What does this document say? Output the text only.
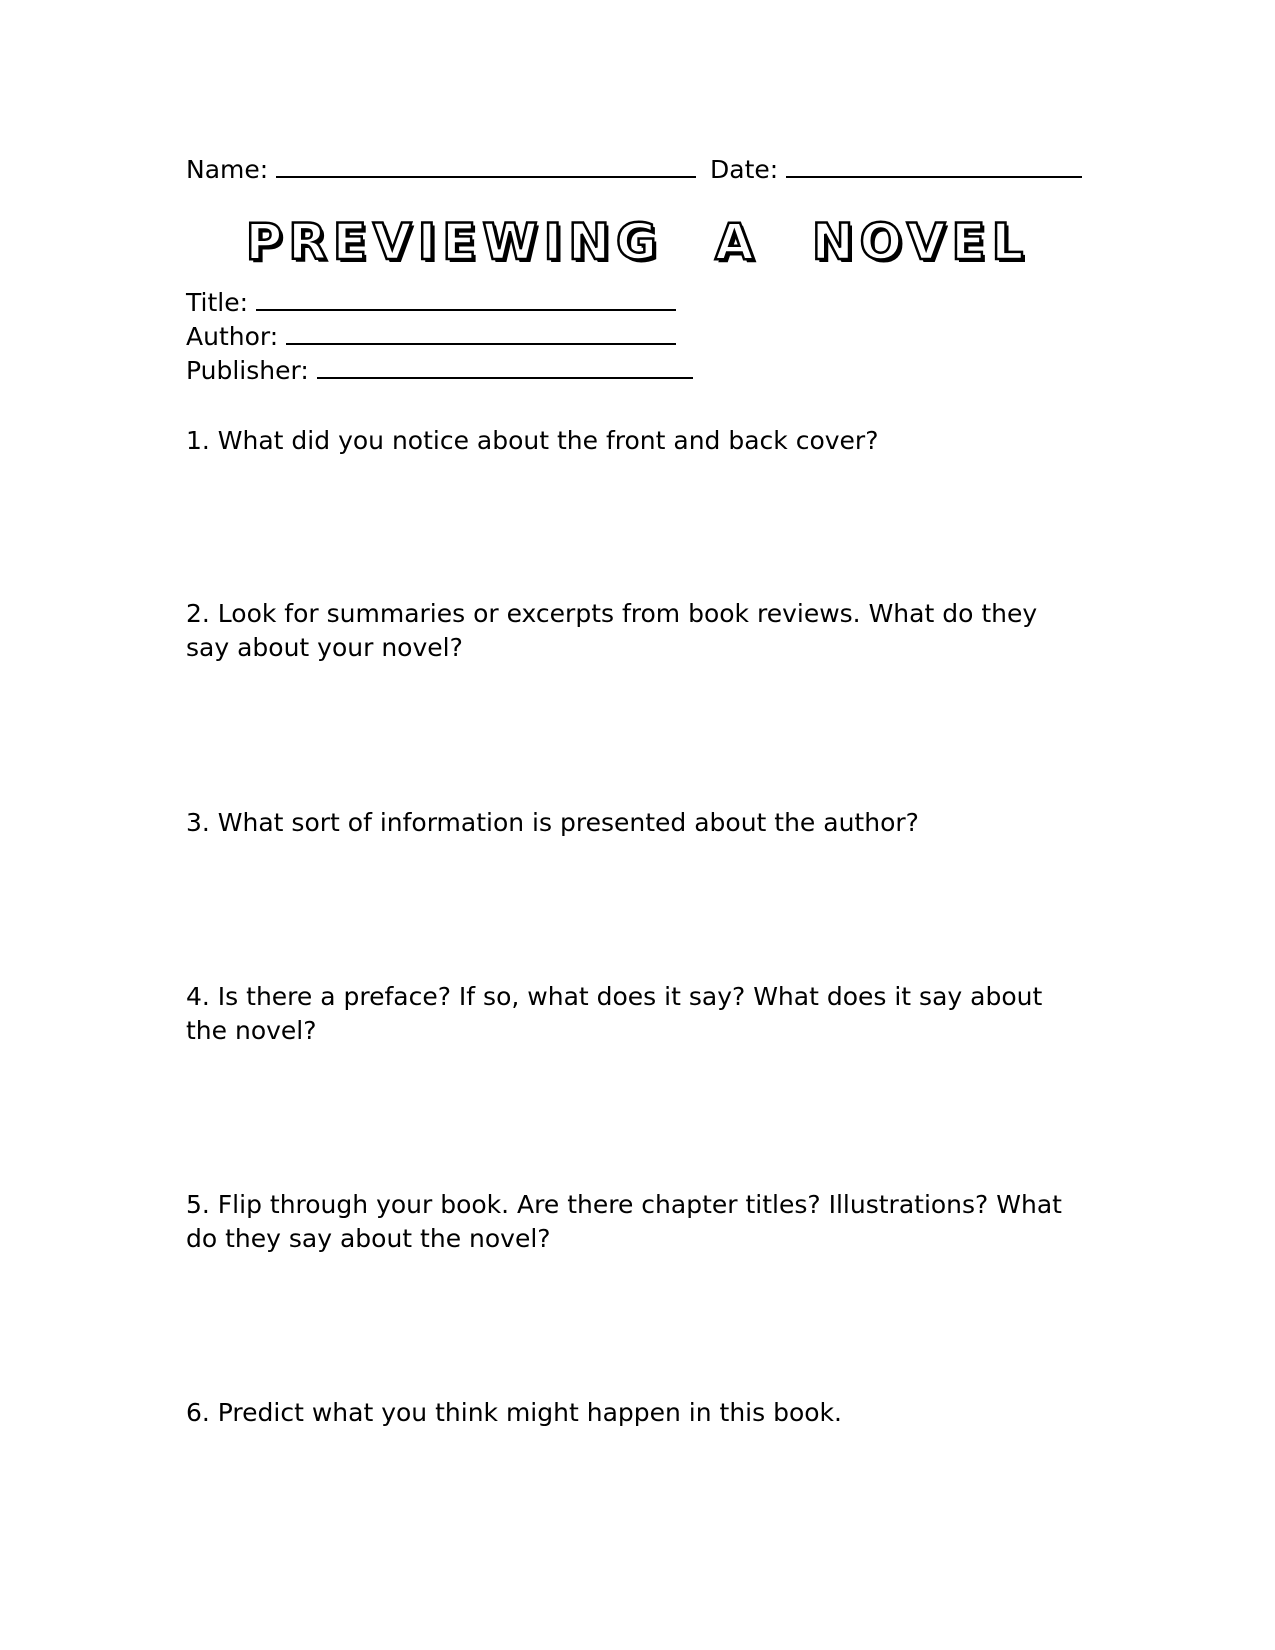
Name:	Date:
PREVIEWING A NOVEL
Title:
Author:
Publisher:
1. What did you notice about the front and back cover?
2. Look for summaries or excerpts from book reviews. What do they say about your novel?
3. What sort of information is presented about the author?
4. Is there a preface? If so, what does it say? What does it say about the novel?
5. Flip through your book. Are there chapter titles? Illustrations? What do they say about the novel?
6. Predict what you think might happen in this book.
